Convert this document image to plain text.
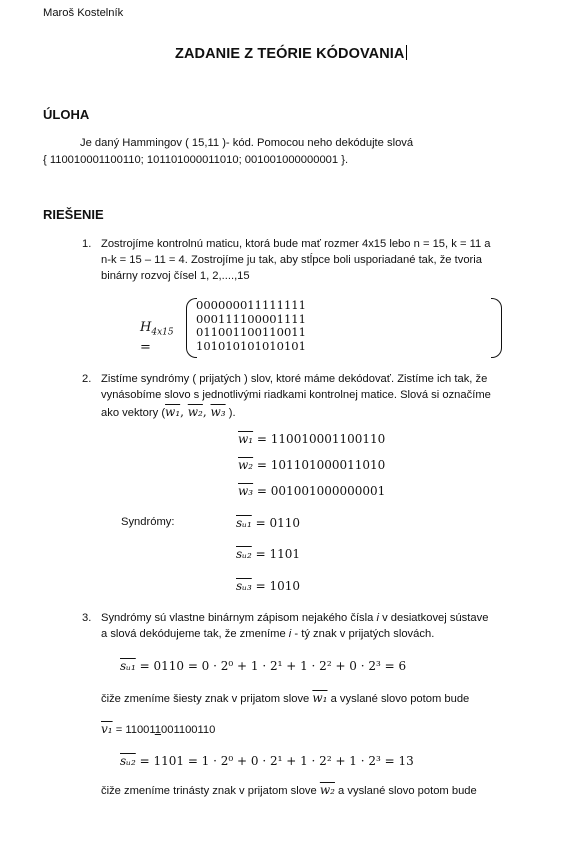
Maroš Kostelník
ZADANIE Z TEÓRIE KÓDOVANIA
ÚLOHA
Je daný Hammingov ( 15,11 )- kód. Pomocou neho dekódujte slová
{ 110010001100110; 101101000011010; 001001000000001 }.
RIEŠENIE
1. Zostrojíme kontrolnú maticu, ktorá bude mať rozmer 4x15 lebo n = 15, k = 11 a
n-k = 15 – 11 = 4. Zostrojíme ju tak, aby stĺpce boli usporiadané tak, že tvoria
binárny rozvoj čísel 1, 2,....,15
$H_{4x15}$ =
0	0	0	0	0	0	0	1	1	1	1	1	1	1	1
0	0	0	1	1	1	1	0	0	0	0	1	1	1	1
0	1	1	0	0	1	1	0	0	1	1	0	0	1	1
1	0	1	0	1	0	1	0	1	0	1	0	1	0	1
2. Zistíme syndrómy ( prijatých ) slov, ktoré máme dekódovať. Zistíme ich tak, že
vynásobíme slovo s jednotlivými riadkami kontrolnej matice. Slová si označíme
ako vektory (w₁, w₂, w₃ ).
w₁ = 110010001100110
w₂ = 101101000011010
w₃ = 001001000000001
Syndrómy:	sᵤ₁ = 0110
sᵤ₂ = 1101
sᵤ₃ = 1010
3. Syndrómy sú vlastne binárnym zápisom nejakého čísla i v desiatkovej sústave
a slová dekódujeme tak, že zmeníme i - tý znak v prijatých slovách.
sᵤ₁ = 0110 = 0 · 2⁰ + 1 · 2¹ + 1 · 2² + 0 · 2³ = 6
čiže zmeníme šiesty znak v prijatom slove w₁ a vyslané slovo potom bude
v₁ = 110011001100110
sᵤ₂ = 1101 = 1 · 2⁰ + 0 · 2¹ + 1 · 2² + 1 · 2³ = 13
čiže zmeníme trinásty znak v prijatom slove w₂ a vyslané slovo potom bude
